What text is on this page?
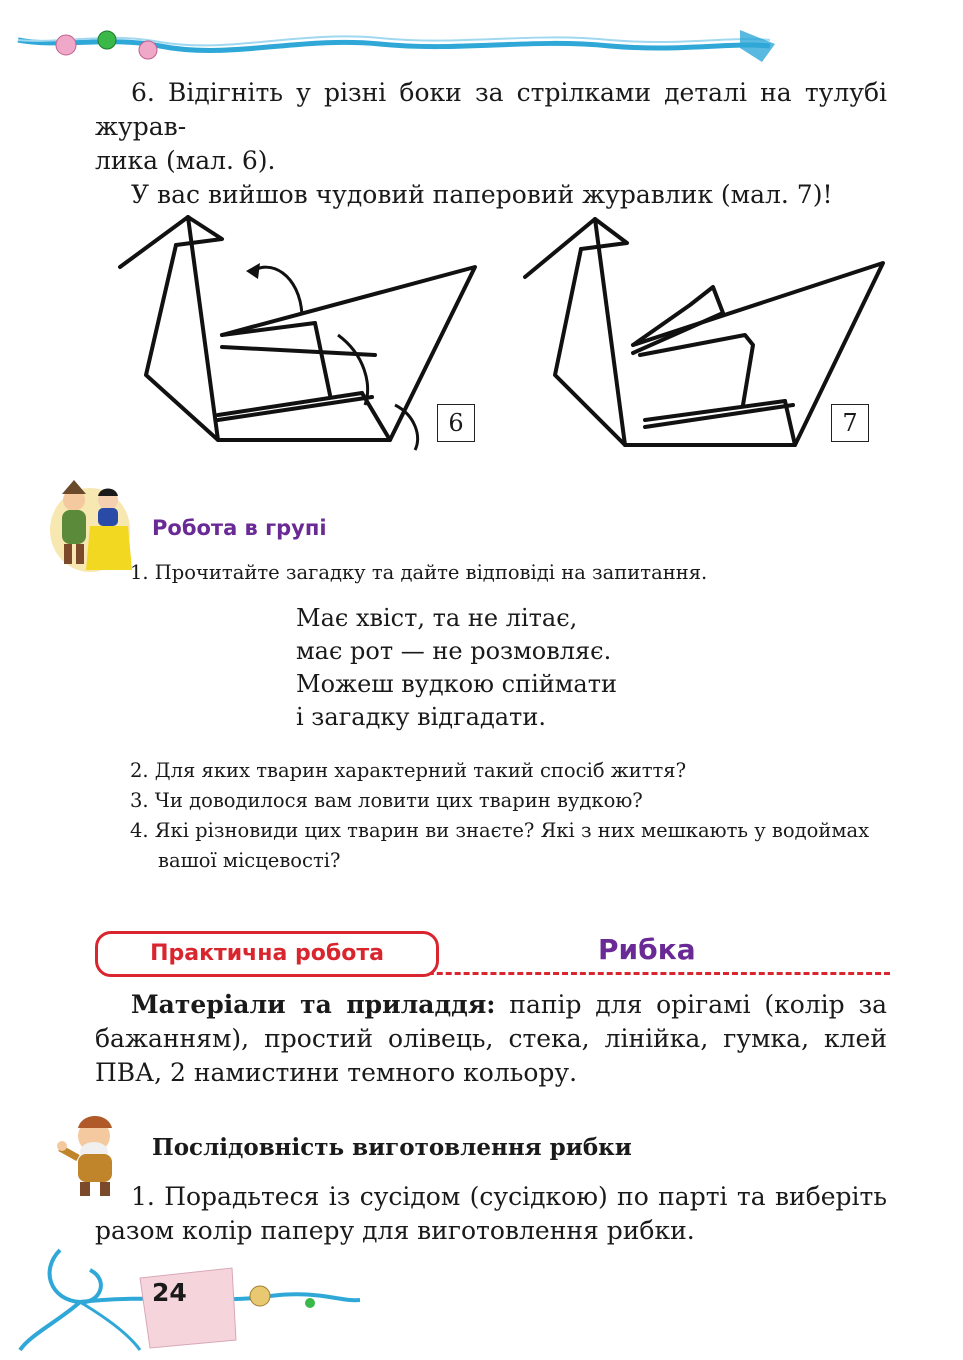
6. Відігніть у різні боки за стрілками деталі на тулубі журав-
лика (мал. 6).
У вас вийшов чудовий паперовий журавлик (мал. 7)!
6	7
Робота в групі
1. Прочитайте загадку та дайте відповіді на запитання.
Має хвіст, та не літає,
має рот — не розмовляє.
Можеш вудкою спіймати
і загадку відгадати.
2. Для яких тварин характерний такий спосіб життя?
3. Чи доводилося вам ловити цих тварин вудкою?
4. Які різновиди цих тварин ви знаєте? Які з них мешкають у водоймах
вашої місцевості?
Практична робота	Рибка
Матеріали та приладдя: папір для орігамі (колір за бажанням), простий олівець, стека, лінійка, гумка, клей ПВА, 2 намистини темного кольору.
Послідовність виготовлення рибки
1. Порадьтеся із сусідом (сусідкою) по парті та виберіть разом колір паперу для виготовлення рибки.
24
